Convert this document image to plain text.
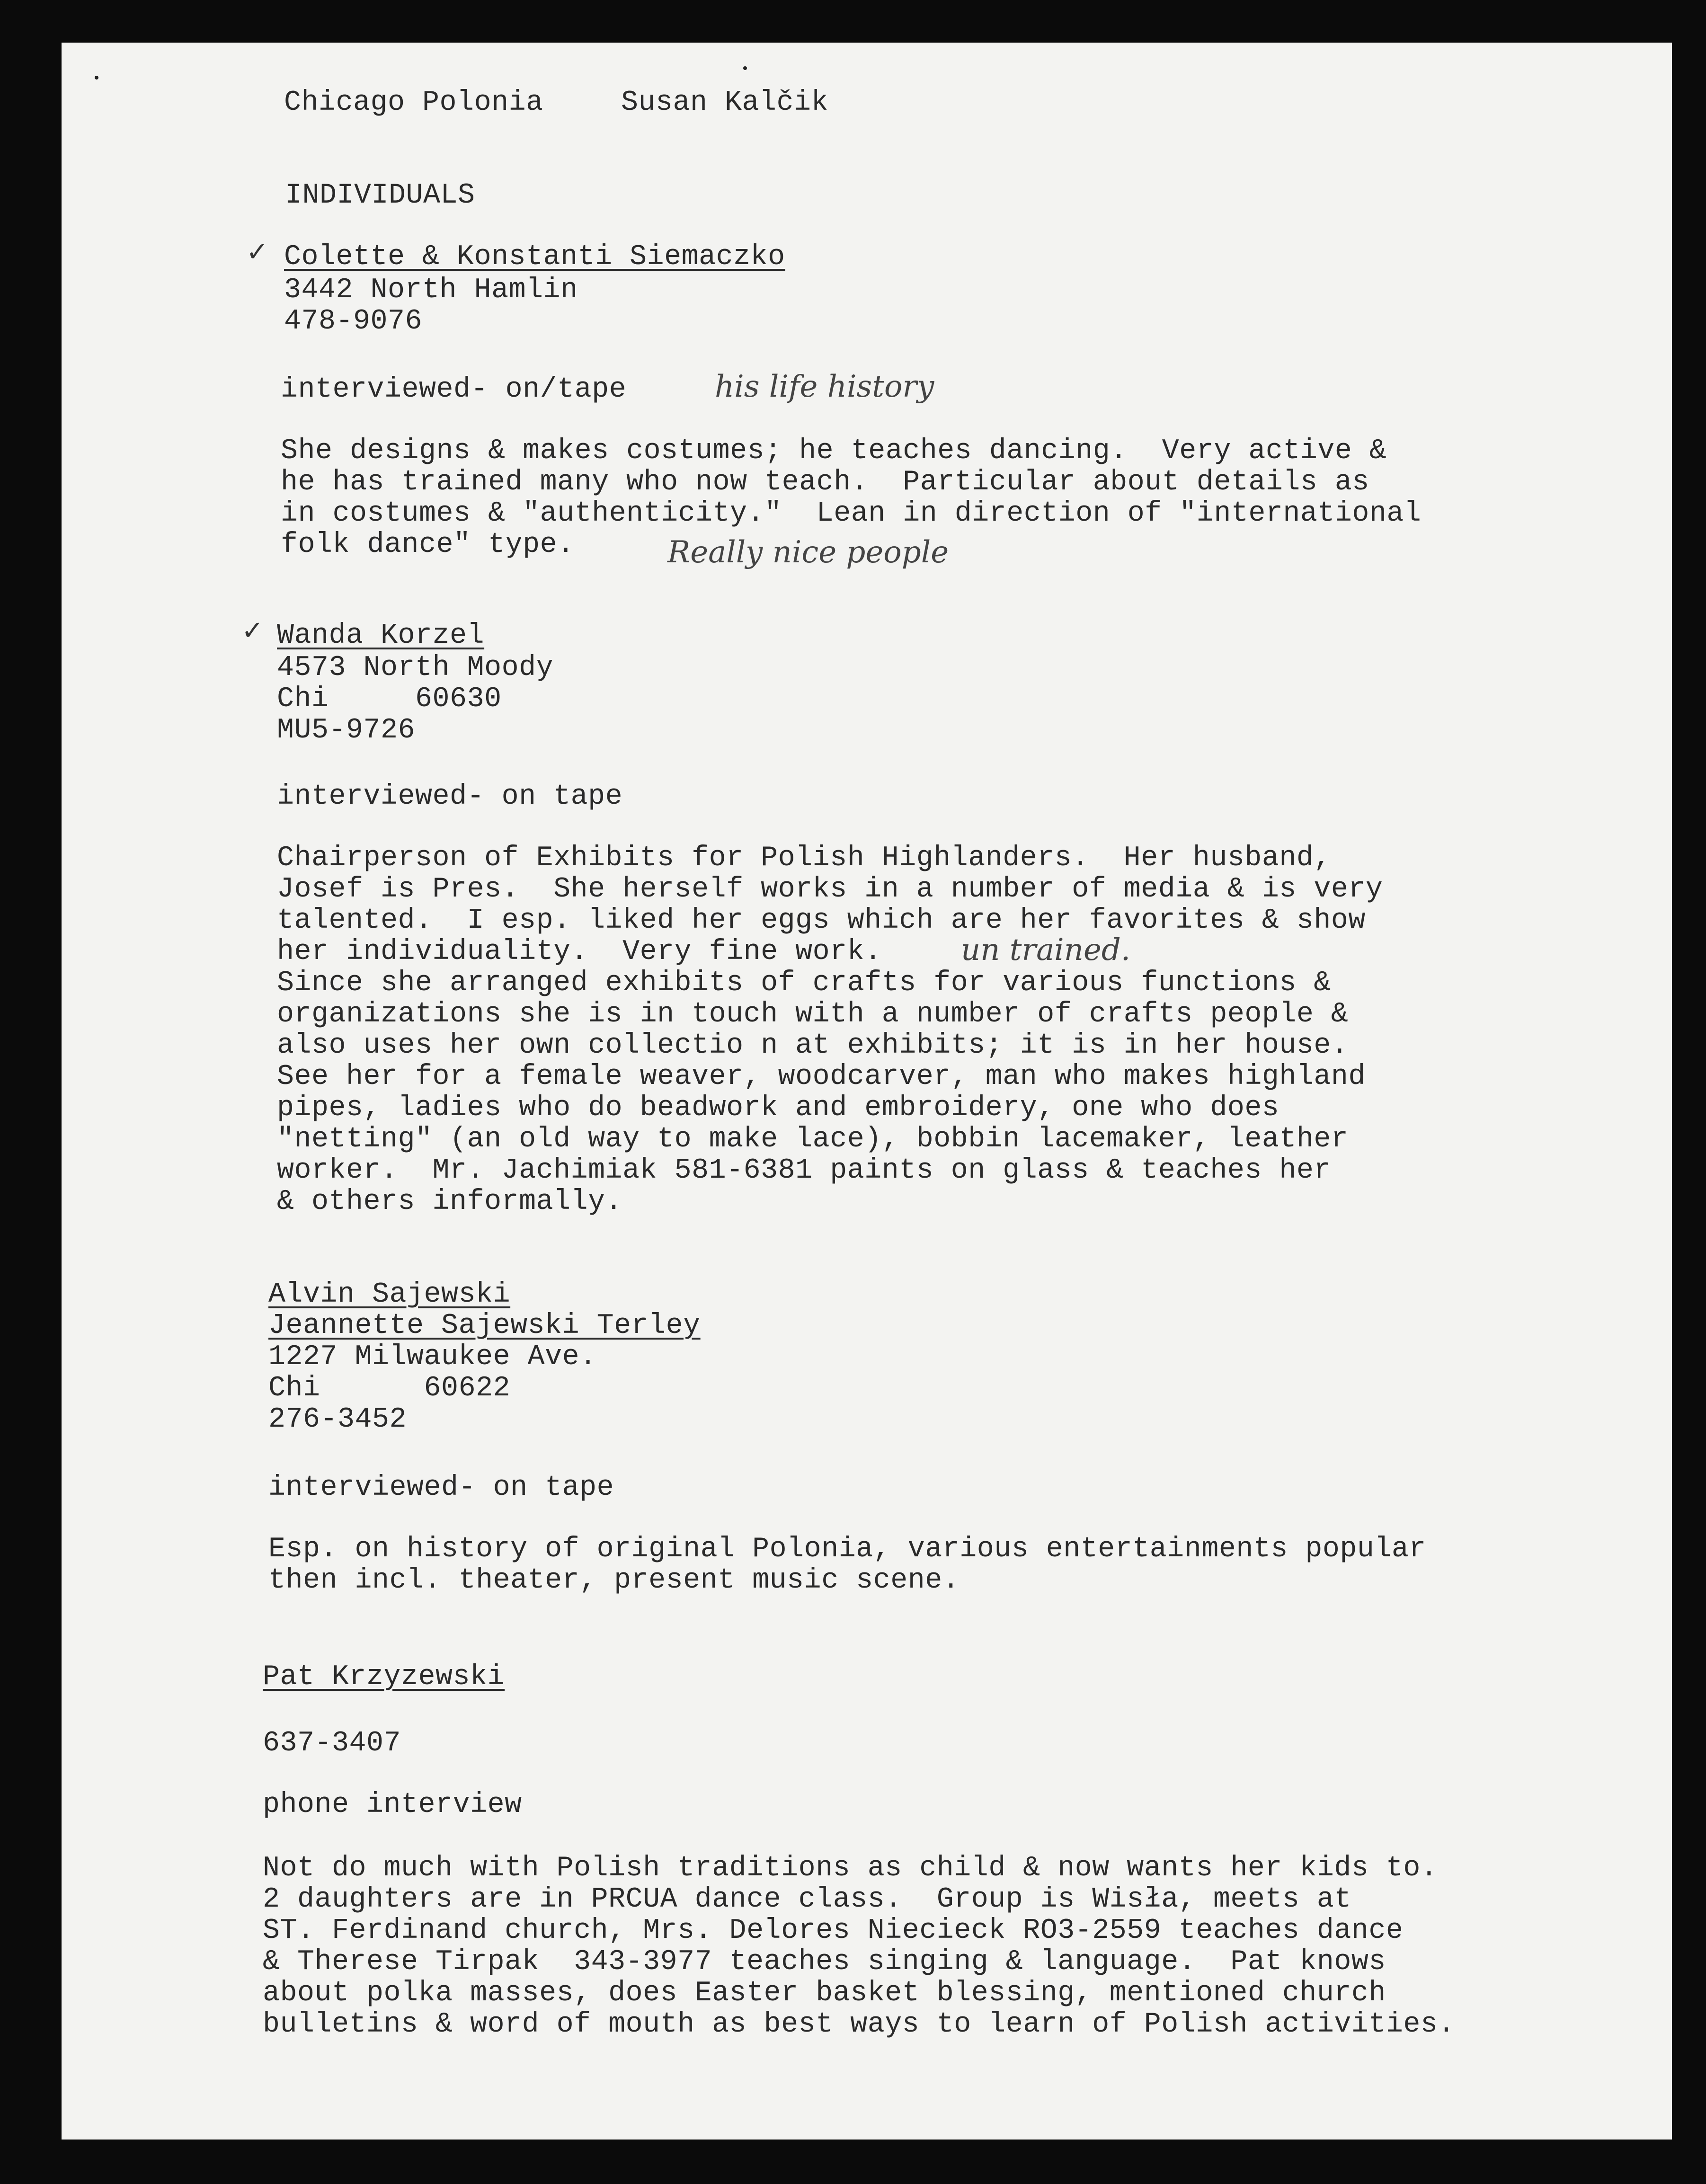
Chicago Polonia	Susan Kalčik
INDIVIDUALS
✓ Colette & Konstanti Siemaczko
3442 North Hamlin
478-9076
interviewed- on/tape	his life history
She designs & makes costumes; he teaches dancing.  Very active &
he has trained many who now teach.  Particular about details as
in costumes & "authenticity."  Lean in direction of "international
folk dance" type.	Really nice people
✓ Wanda Korzel
4573 North Moody
Chi     60630
MU5-9726
interviewed- on tape
Chairperson of Exhibits for Polish Highlanders.  Her husband,
Josef is Pres.  She herself works in a number of media & is very
talented.  I esp. liked her eggs which are her favorites & show
her individuality.  Very fine work.	un trained.
Since she arranged exhibits of crafts for various functions &
organizations she is in touch with a number of crafts people &
also uses her own collectio n at exhibits; it is in her house.
See her for a female weaver, woodcarver, man who makes highland
pipes, ladies who do beadwork and embroidery, one who does
"netting" (an old way to make lace), bobbin lacemaker, leather
worker.  Mr. Jachimiak 581-6381 paints on glass & teaches her
& others informally.
Alvin Sajewski
Jeannette Sajewski Terley
1227 Milwaukee Ave.
Chi      60622
276-3452
interviewed- on tape
Esp. on history of original Polonia, various entertainments popular
then incl. theater, present music scene.
Pat Krzyzewski
637-3407
phone interview
Not do much with Polish traditions as child & now wants her kids to.
2 daughters are in PRCUA dance class.  Group is Wisła, meets at
ST. Ferdinand church, Mrs. Delores Niecieck RO3-2559 teaches dance
& Therese Tirpak  343-3977 teaches singing & language.  Pat knows
about polka masses, does Easter basket blessing, mentioned church
bulletins & word of mouth as best ways to learn of Polish activities.
